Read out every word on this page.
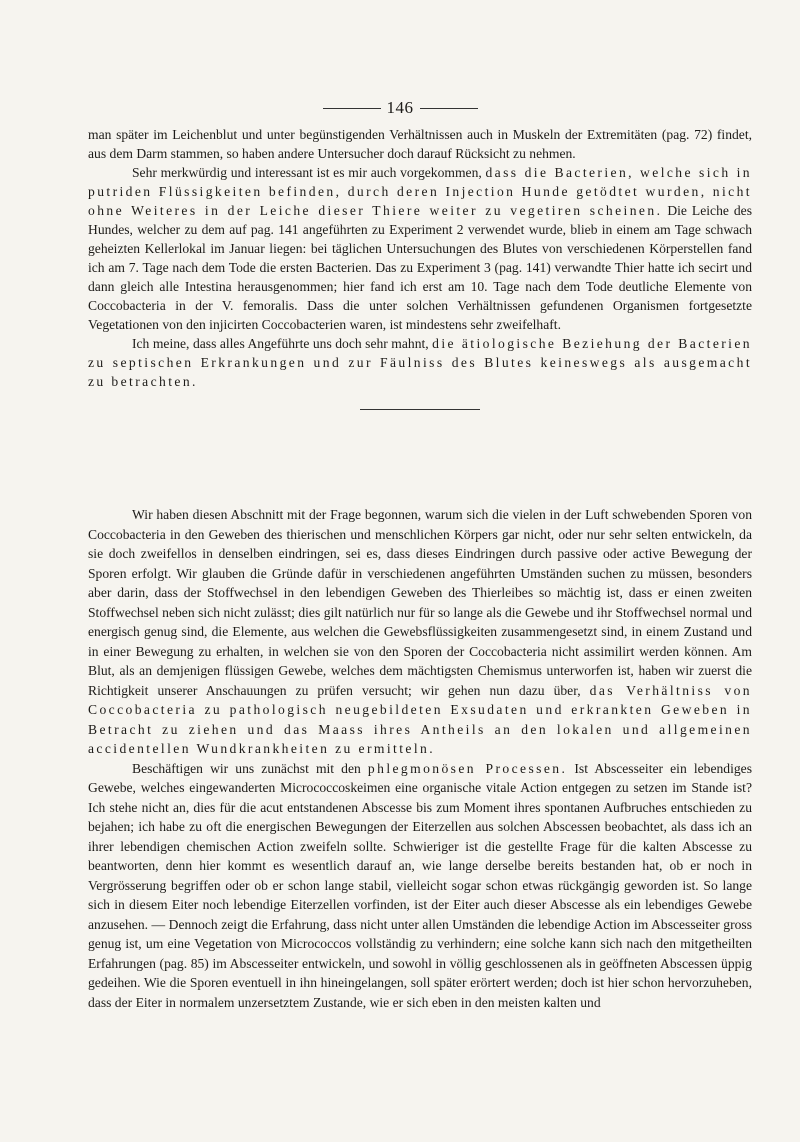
146

man später im Leichenblut und unter begünstigenden Verhältnissen auch in Muskeln der Extremitäten (pag. 72) findet, aus dem Darm stammen, so haben andere Untersucher doch darauf Rücksicht zu nehmen.

Sehr merkwürdig und interessant ist es mir auch vorgekommen, dass die Bacterien, welche sich in putriden Flüssigkeiten befinden, durch deren Injection Hunde getödtet wurden, nicht ohne Weiteres in der Leiche dieser Thiere weiter zu vegetiren scheinen. Die Leiche des Hundes, welcher zu dem auf pag. 141 angeführten zu Experiment 2 verwendet wurde, blieb in einem am Tage schwach geheizten Kellerlokal im Januar liegen: bei täglichen Untersuchungen des Blutes von verschiedenen Körperstellen fand ich am 7. Tage nach dem Tode die ersten Bacterien. Das zu Experiment 3 (pag. 141) verwandte Thier hatte ich secirt und dann gleich alle Intestina herausgenommen; hier fand ich erst am 10. Tage nach dem Tode deutliche Elemente von Coccobacteria in der V. femoralis. Dass die unter solchen Verhältnissen gefundenen Organismen fortgesetzte Vegetationen von den injicirten Coccobacterien waren, ist mindestens sehr zweifelhaft.

Ich meine, dass alles Angeführte uns doch sehr mahnt, die ätiologische Beziehung der Bacterien zu septischen Erkrankungen und zur Fäulniss des Blutes keineswegs als ausgemacht zu betrachten.

Wir haben diesen Abschnitt mit der Frage begonnen, warum sich die vielen in der Luft schwebenden Sporen von Coccobacteria in den Geweben des thierischen und menschlichen Körpers gar nicht, oder nur sehr selten entwickeln, da sie doch zweifellos in denselben eindringen, sei es, dass dieses Eindringen durch passive oder active Bewegung der Sporen erfolgt. Wir glauben die Gründe dafür in verschiedenen angeführten Umständen suchen zu müssen, besonders aber darin, dass der Stoffwechsel in den lebendigen Geweben des Thierleibes so mächtig ist, dass er einen zweiten Stoffwechsel neben sich nicht zulässt; dies gilt natürlich nur für so lange als die Gewebe und ihr Stoffwechsel normal und energisch genug sind, die Elemente, aus welchen die Gewebsflüssigkeiten zusammengesetzt sind, in einem Zustand und in einer Bewegung zu erhalten, in welchen sie von den Sporen der Coccobacteria nicht assimilirt werden können. Am Blut, als an demjenigen flüssigen Gewebe, welches dem mächtigsten Chemismus unterworfen ist, haben wir zuerst die Richtigkeit unserer Anschauungen zu prüfen versucht; wir gehen nun dazu über, das Verhältniss von Coccobacteria zu pathologisch neugebildeten Exsudaten und erkrankten Geweben in Betracht zu ziehen und das Maass ihres Antheils an den lokalen und allgemeinen accidentellen Wundkrankheiten zu ermitteln.

Beschäftigen wir uns zunächst mit den phlegmonösen Processen. Ist Abscesseiter ein lebendiges Gewebe, welches eingewanderten Micrococcoskeimen eine organische vitale Action entgegen zu setzen im Stande ist? Ich stehe nicht an, dies für die acut entstandenen Abscesse bis zum Moment ihres spontanen Aufbruches entschieden zu bejahen; ich habe zu oft die energischen Bewegungen der Eiterzellen aus solchen Abscessen beobachtet, als dass ich an ihrer lebendigen chemischen Action zweifeln sollte. Schwieriger ist die gestellte Frage für die kalten Abscesse zu beantworten, denn hier kommt es wesentlich darauf an, wie lange derselbe bereits bestanden hat, ob er noch in Vergrösserung begriffen oder ob er schon lange stabil, vielleicht sogar schon etwas rückgängig geworden ist. So lange sich in diesem Eiter noch lebendige Eiterzellen vorfinden, ist der Eiter auch dieser Abscesse als ein lebendiges Gewebe anzusehen. — Dennoch zeigt die Erfahrung, dass nicht unter allen Umständen die lebendige Action im Abscesseiter gross genug ist, um eine Vegetation von Micrococcos vollständig zu verhindern; eine solche kann sich nach den mitgetheilten Erfahrungen (pag. 85) im Abscesseiter entwickeln, und sowohl in völlig geschlossenen als in geöffneten Abscessen üppig gedeihen. Wie die Sporen eventuell in ihn hineingelangen, soll später erörtert werden; doch ist hier schon hervorzuheben, dass der Eiter in normalem unzersetztem Zustande, wie er sich eben in den meisten kalten und
